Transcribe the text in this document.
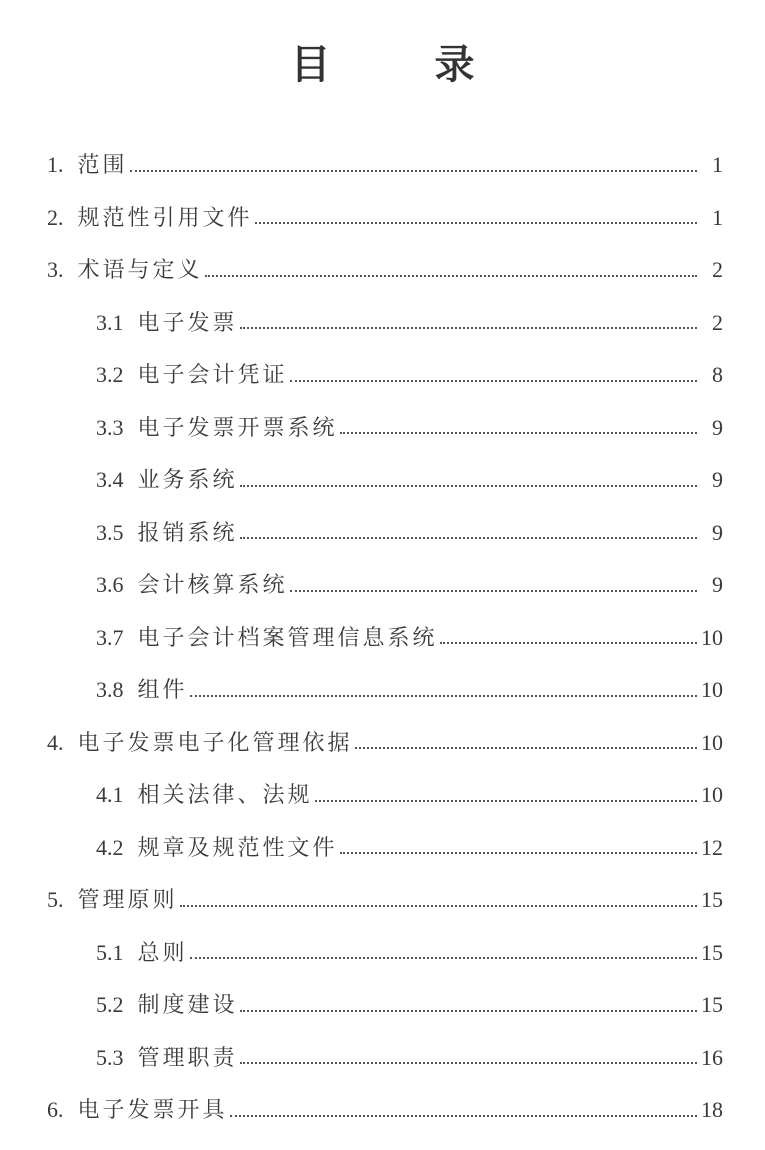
目　录
1. 范围	1
2. 规范性引用文件	1
3. 术语与定义	2
3.1 电子发票	2
3.2 电子会计凭证	8
3.3 电子发票开票系统	9
3.4 业务系统	9
3.5 报销系统	9
3.6 会计核算系统	9
3.7 电子会计档案管理信息系统	10
3.8 组件	10
4. 电子发票电子化管理依据	10
4.1 相关法律、法规	10
4.2 规章及规范性文件	12
5. 管理原则	15
5.1 总则	15
5.2 制度建设	15
5.3 管理职责	16
6. 电子发票开具	18
